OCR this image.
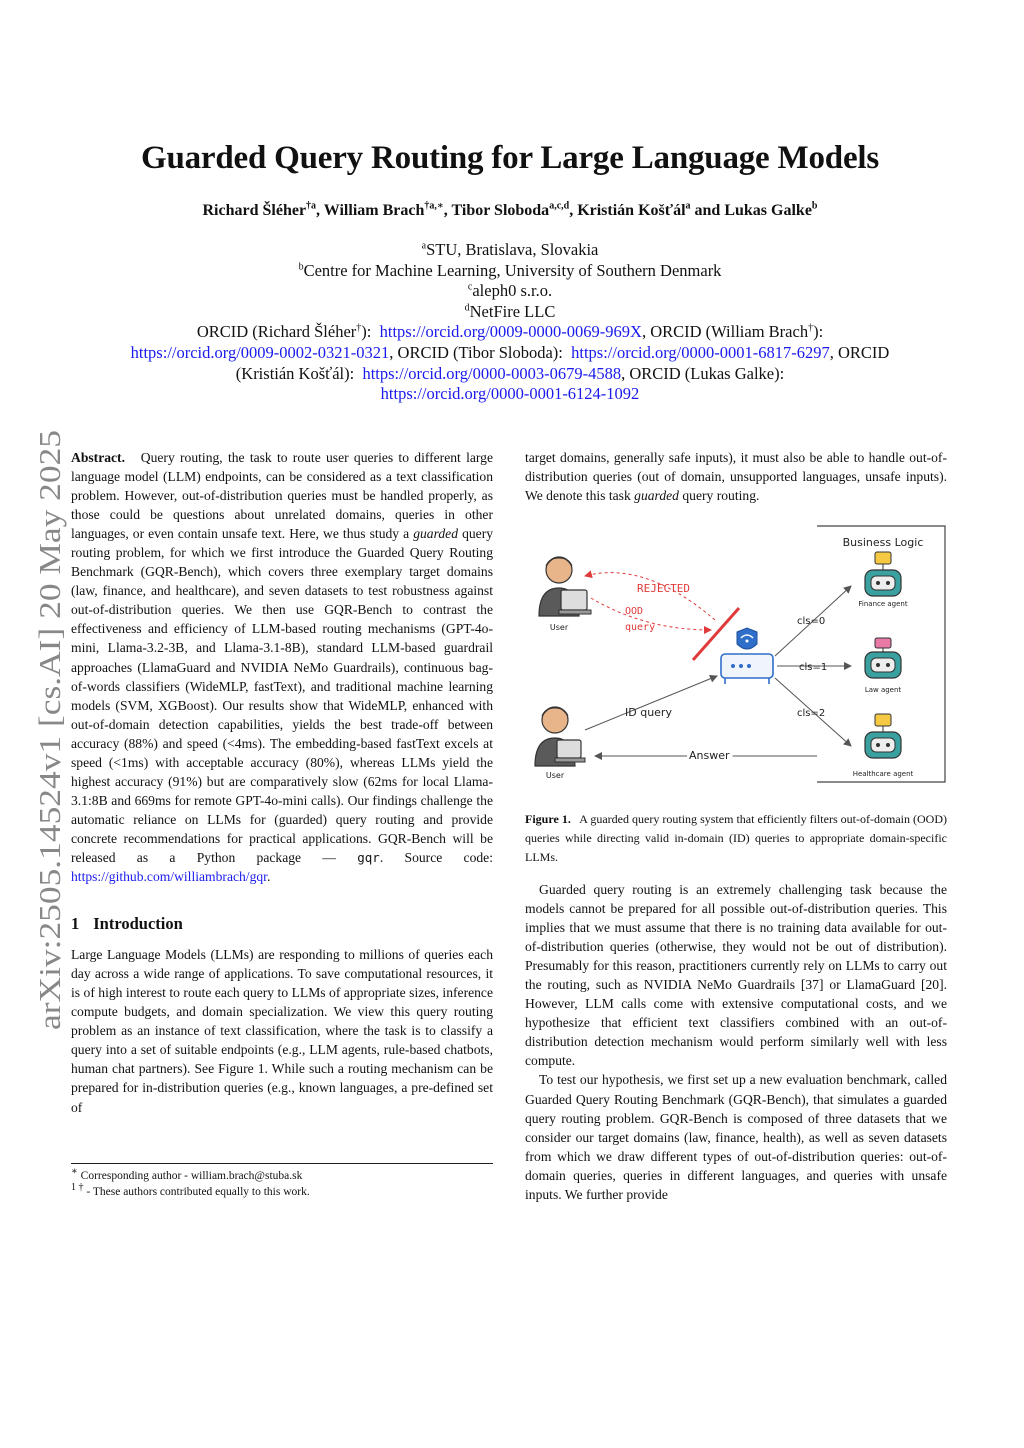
arXiv:2505.14524v1 [cs.AI] 20 May 2025
Guarded Query Routing for Large Language Models
Richard Šléher$^{\dagger a}$, William Brach$^{\dagger a,∗}$, Tibor Sloboda$^{a,c,d}$, Kristián Košťál$^a$ and Lukas Galke$^b$
$^a$STU, Bratislava, Slovakia
$^b$Centre for Machine Learning, University of Southern Denmark
$^c$aleph0 s.r.o.
$^d$NetFire LLC
ORCID (Richard Šléher†): https://orcid.org/0009-0000-0069-969X, ORCID (William Brach†):
https://orcid.org/0009-0002-0321-0321, ORCID (Tibor Sloboda): https://orcid.org/0000-0001-6817-6297, ORCID
(Kristián Košťál): https://orcid.org/0000-0003-0679-4588, ORCID (Lukas Galke):
https://orcid.org/0000-0001-6124-1092

Abstract. Query routing, the task to route user queries to different large language model (LLM) endpoints, can be considered as a text classification problem. However, out-of-distribution queries must be handled properly, as those could be questions about unrelated domains, queries in other languages, or even contain unsafe text. Here, we thus study a guarded query routing problem, for which we first introduce the Guarded Query Routing Benchmark (GQR-Bench), which covers three exemplary target domains (law, finance, and healthcare), and seven datasets to test robustness against out-of-distribution queries. We then use GQR-Bench to contrast the effectiveness and efficiency of LLM-based routing mechanisms (GPT-4o-mini, Llama-3.2-3B, and Llama-3.1-8B), standard LLM-based guardrail approaches (LlamaGuard and NVIDIA NeMo Guardrails), continuous bag-of-words classifiers (WideMLP, fastText), and traditional machine learning models (SVM, XGBoost). Our results show that WideMLP, enhanced with out-of-domain detection capabilities, yields the best trade-off between accuracy (88%) and speed (<4ms). The embedding-based fastText excels at speed (<1ms) with acceptable accuracy (80%), whereas LLMs yield the highest accuracy (91%) but are comparatively slow (62ms for local Llama-3.1:8B and 669ms for remote GPT-4o-mini calls). Our findings challenge the automatic reliance on LLMs for (guarded) query routing and provide concrete recommendations for practical applications. GQR-Bench will be released as a Python package — gqr. Source code: https://github.com/williambrach/gqr.

1 Introduction

Large Language Models (LLMs) are responding to millions of queries each day across a wide range of applications. To save computational resources, it is of high interest to route each query to LLMs of appropriate sizes, inference compute budgets, and domain specialization. We view this query routing problem as an instance of text classification, where the task is to classify a query into a set of suitable endpoints (e.g., LLM agents, rule-based chatbots, human chat partners). See Figure 1. While such a routing mechanism can be prepared for in-distribution queries (e.g., known languages, a pre-defined set of

∗ Corresponding author - william.brach@stuba.sk
$^{1 \dagger}$ - These authors contributed equally to this work.

target domains, generally safe inputs), it must also be able to handle out-of-distribution queries (out of domain, unsupported languages, unsafe inputs). We denote this task guarded query routing.

Business Logic
User
REJECTED
OOD
query
cls=0
cls=1
cls=2
ID query
Answer
User
Finance agent
Law agent
Healthcare agent
Figure 1. A guarded query routing system that efficiently filters out-of-domain (OOD) queries while directing valid in-domain (ID) queries to appropriate domain-specific LLMs.

Guarded query routing is an extremely challenging task because the models cannot be prepared for all possible out-of-distribution queries. This implies that we must assume that there is no training data available for out-of-distribution queries (otherwise, they would not be out of distribution). Presumably for this reason, practitioners currently rely on LLMs to carry out the routing, such as NVIDIA NeMo Guardrails [37] or LlamaGuard [20]. However, LLM calls come with extensive computational costs, and we hypothesize that efficient text classifiers combined with an out-of-distribution detection mechanism would perform similarly well with less compute.

To test our hypothesis, we first set up a new evaluation benchmark, called Guarded Query Routing Benchmark (GQR-Bench), that simulates a guarded query routing problem. GQR-Bench is composed of three datasets that we consider our target domains (law, finance, health), as well as seven datasets from which we draw different types of out-of-distribution queries: out-of-domain queries, queries in different languages, and queries with unsafe inputs. We further provide
